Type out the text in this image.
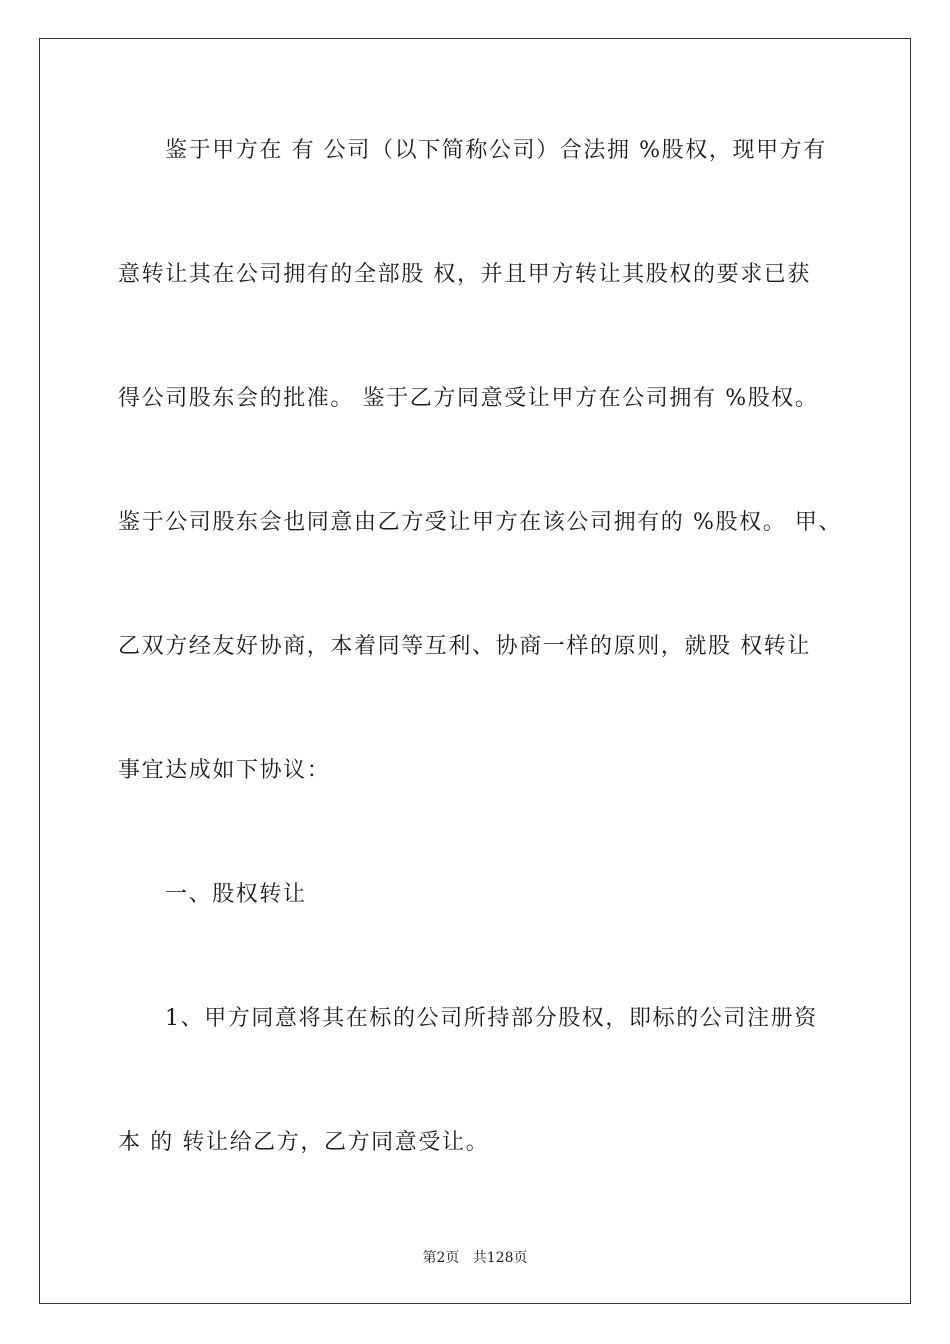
鉴于甲方在 有 公司（以下简称公司）合法拥 %股权，现甲方有
意转让其在公司拥有的全部股 权，并且甲方转让其股权的要求已获
得公司股东会的批准。 鉴于乙方同意受让甲方在公司拥有 %股权。
鉴于公司股东会也同意由乙方受让甲方在该公司拥有的 %股权。 甲、
乙双方经友好协商，本着同等互利、协商一样的原则，就股 权转让
事宜达成如下协议：
一、股权转让
1、甲方同意将其在标的公司所持部分股权，即标的公司注册资
本 的 转让给乙方，乙方同意受让。
第2页   共128页
